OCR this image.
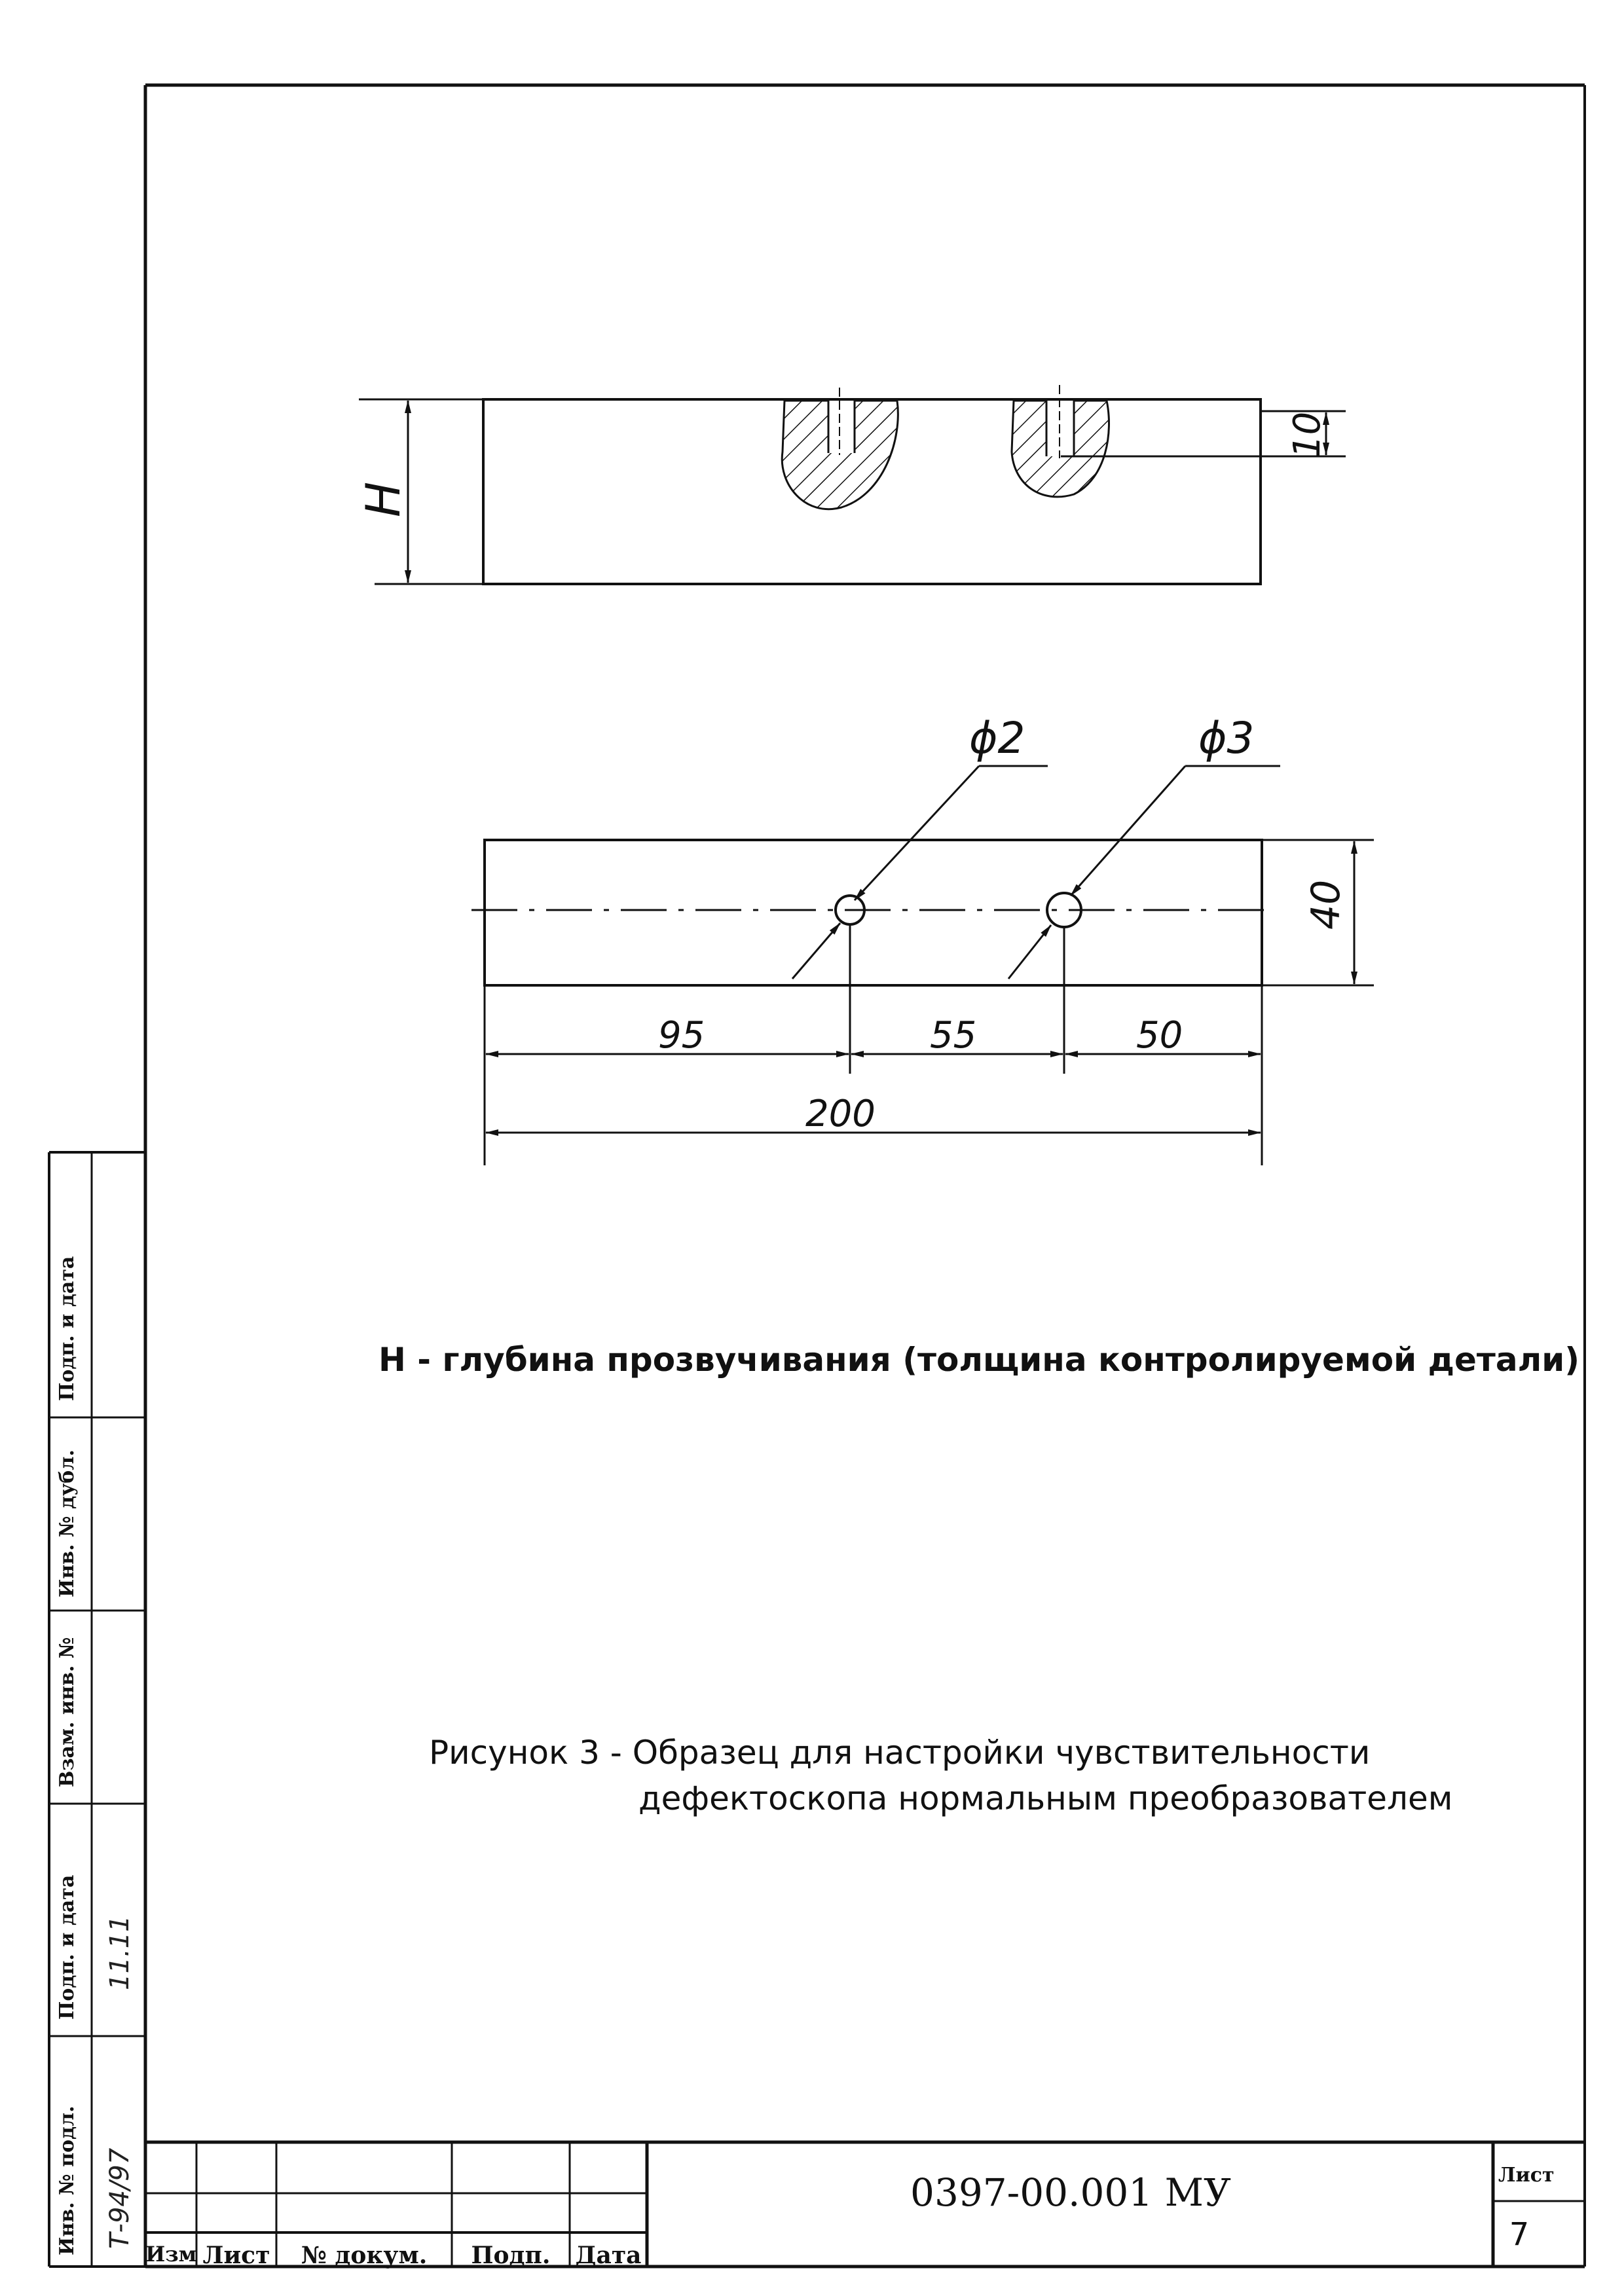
H
10
ϕ2	ϕ3
40
95	55	50
200
H - глубина прозвучивания (толщина контролируемой детали)
Рисунок 3 - Образец для настройки чувствительности
дефектоскопа нормальным преобразователем
0397-00.001 МУ	Лист
7
Изм Лист	№ докум.	Подп.	Дата
Инв. № подл.
Подп. и дата
Взам. инв. №
Инв. № дубл.
Подп. и дата
Т-94/97
11.11
